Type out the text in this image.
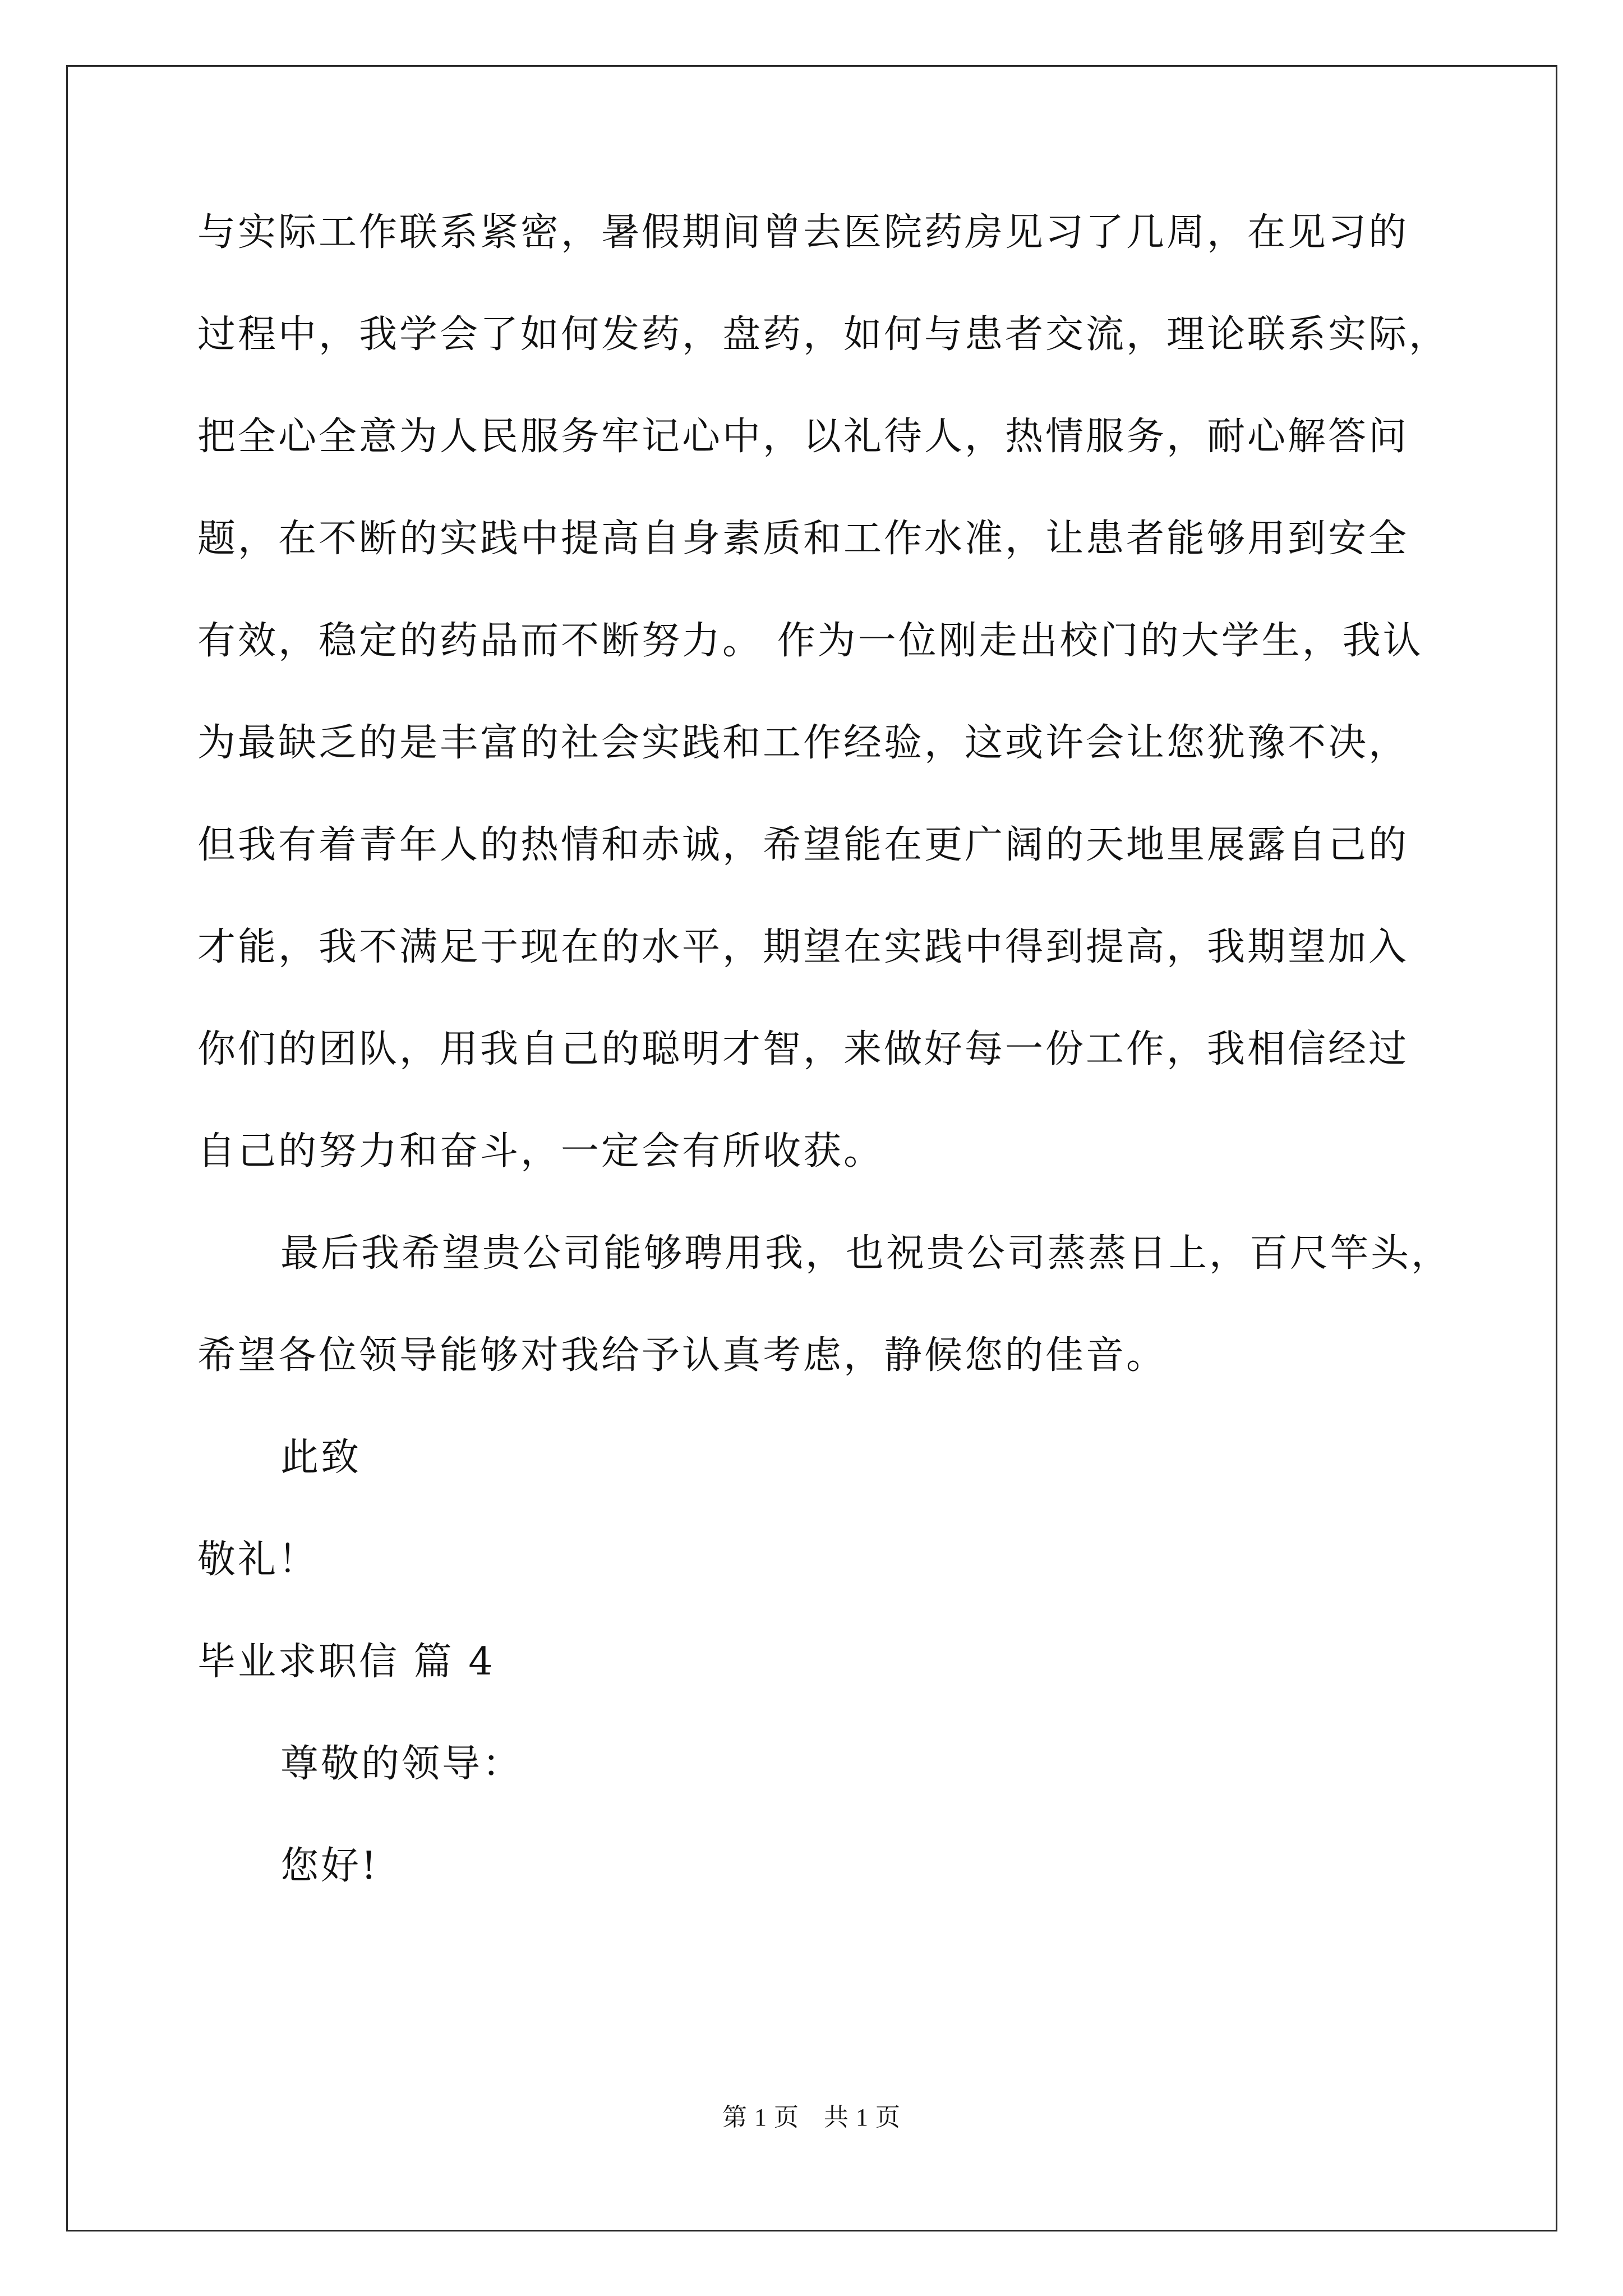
与实际工作联系紧密，暑假期间曾去医院药房见习了几周，在见习的
过程中，我学会了如何发药，盘药，如何与患者交流，理论联系实际，
把全心全意为人民服务牢记心中，以礼待人，热情服务，耐心解答问
题，在不断的实践中提高自身素质和工作水准，让患者能够用到安全
有效，稳定的药品而不断努力。 作为一位刚走出校门的大学生，我认
为最缺乏的是丰富的社会实践和工作经验，这或许会让您犹豫不决，
但我有着青年人的热情和赤诚，希望能在更广阔的天地里展露自己的
才能，我不满足于现在的水平，期望在实践中得到提高，我期望加入
你们的团队，用我自己的聪明才智，来做好每一份工作，我相信经过
自己的努力和奋斗，一定会有所收获。
最后我希望贵公司能够聘用我，也祝贵公司蒸蒸日上，百尺竿头，
希望各位领导能够对我给予认真考虑，静候您的佳音。
此致
敬礼！
毕业求职信 篇 4
尊敬的领导：
您好!
第 1 页 共 1 页
